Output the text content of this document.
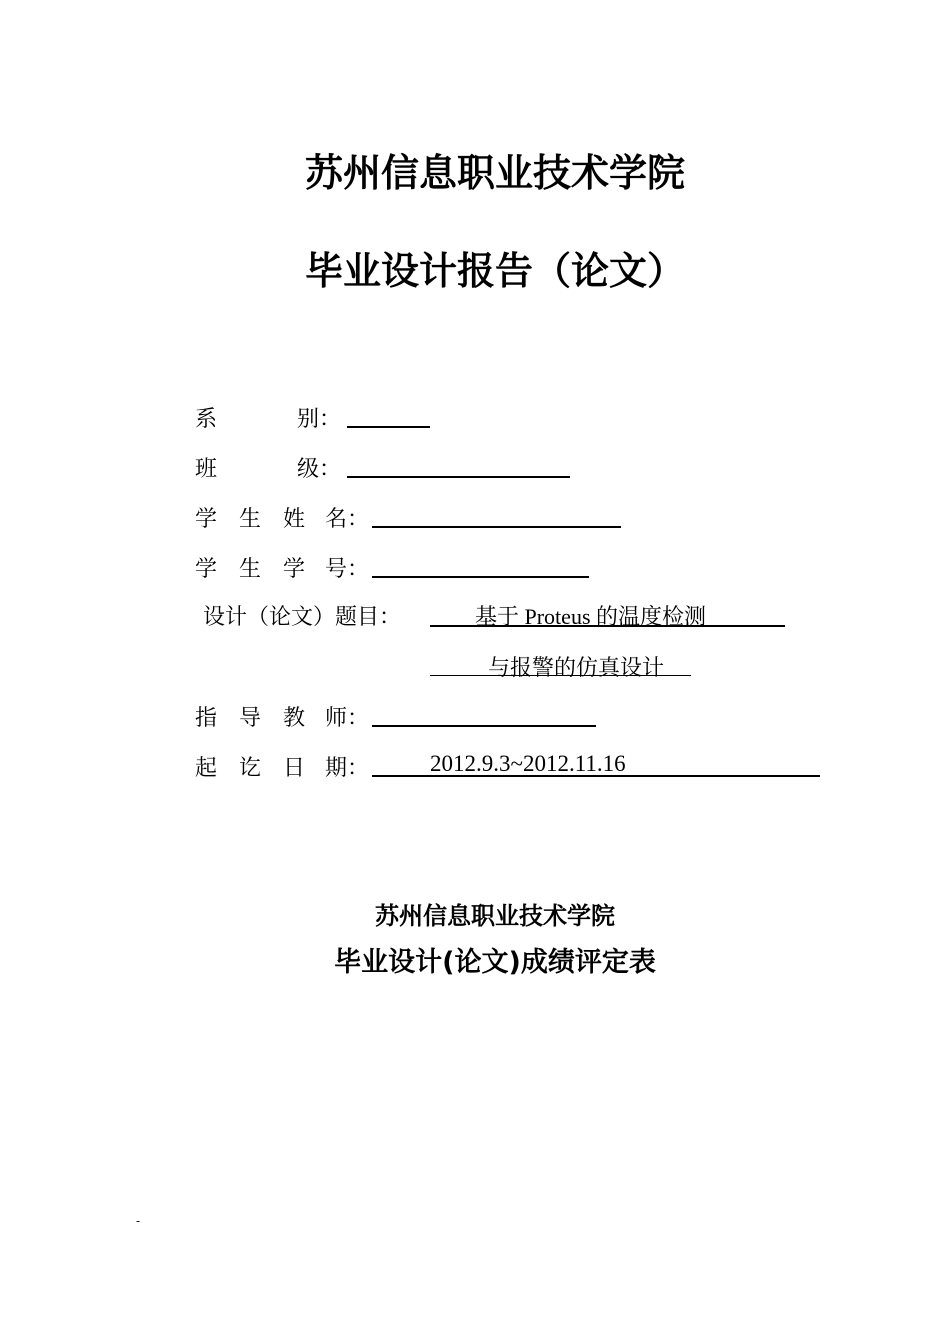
苏州信息职业技术学院
毕业设计报告（论文）
系	别：
班	级：
学 生 姓 名：
学 生 学 号：
设计（论文）题目：	基于 Proteus 的温度检测
与报警的仿真设计
指 导 教 师：
起 讫 日 期：	2012.9.3~2012.11.16
苏州信息职业技术学院
毕业设计(论文)成绩评定表
-
